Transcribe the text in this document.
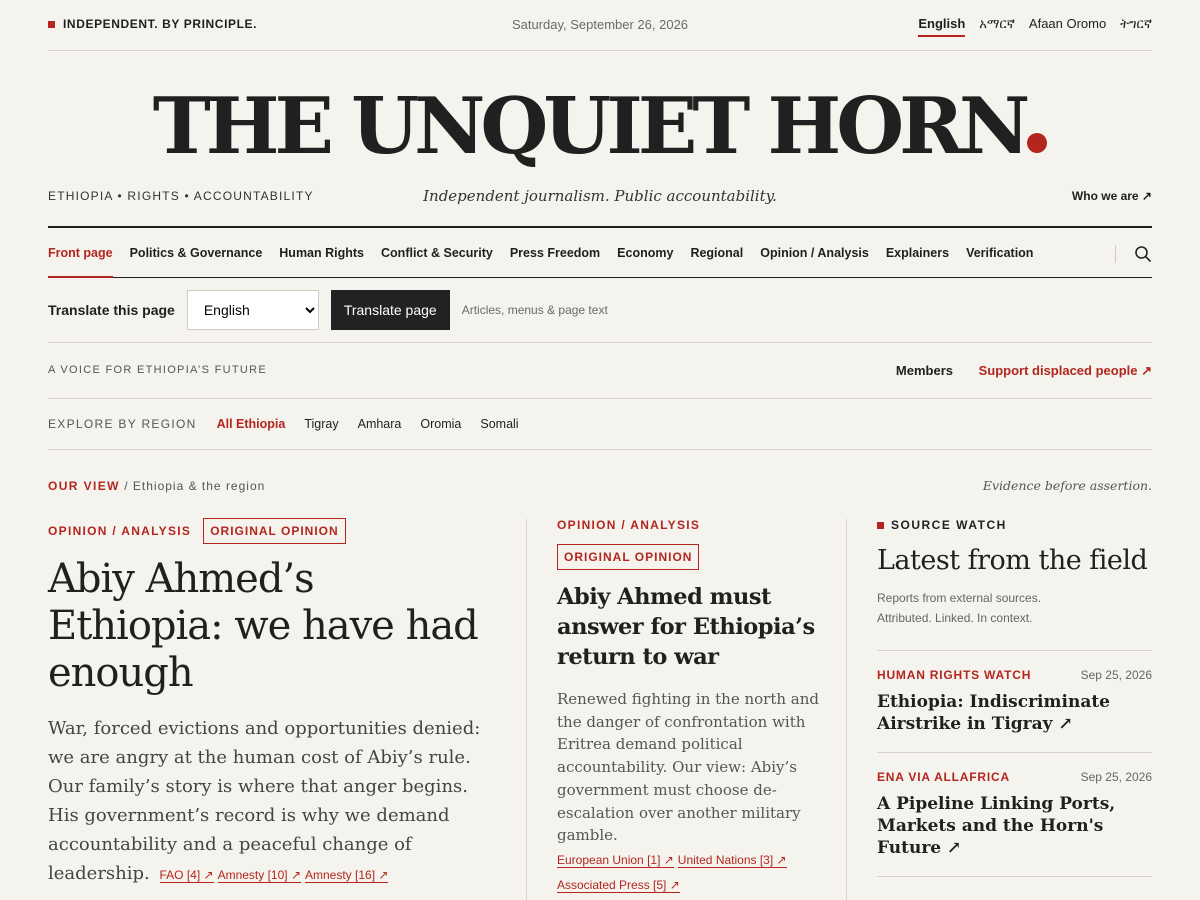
INDEPENDENT. BY PRINCIPLE.	Saturday, September 26, 2026	English አማርኛ Afaan Oromo ትግርኛ
THE UNQUIET HORN
ETHIOPIA • RIGHTS • ACCOUNTABILITY	Independent journalism. Public accountability.	Who we are ↗
Front page Politics & Governance Human Rights Conflict & Security Press Freedom Economy Regional Opinion / Analysis Explainers Verification
Translate this page
English	Translate page	Articles, menus & page text
A VOICE FOR ETHIOPIA’S FUTURE	Members Support displaced people ↗
EXPLORE BY REGION All Ethiopia Tigray Amhara Oromia Somali
OUR VIEW / Ethiopia & the region	Evidence before assertion.
OPINION / ANALYSIS	ORIGINAL OPINION
Abiy Ahmed’s Ethiopia: we have had enough

War, forced evictions and opportunities denied: we are angry at the human cost of Abiy’s rule. Our family’s story is where that anger begins. His government’s record is why we demand accountability and a peaceful change of leadership. FAO [4] ↗ Amnesty [10] ↗ Amnesty [16] ↗

OPINION / ANALYSIS
ORIGINAL OPINION
Abiy Ahmed must answer for Ethiopia’s return to war

Renewed fighting in the north and the danger of confrontation with Eritrea demand political accountability. Our view: Abiy’s government must choose de-escalation over another military gamble.

European Union [1] ↗ United Nations [3] ↗
Associated Press [5] ↗

SOURCE WATCH
Latest from the field
Reports from external sources.
Attributed. Linked. In context.
HUMAN RIGHTS WATCH	Sep 25, 2026
Ethiopia: Indiscriminate Airstrike in Tigray ↗
ENA VIA ALLAFRICA	Sep 25, 2026
A Pipeline Linking Ports, Markets and the Horn's Future ↗
